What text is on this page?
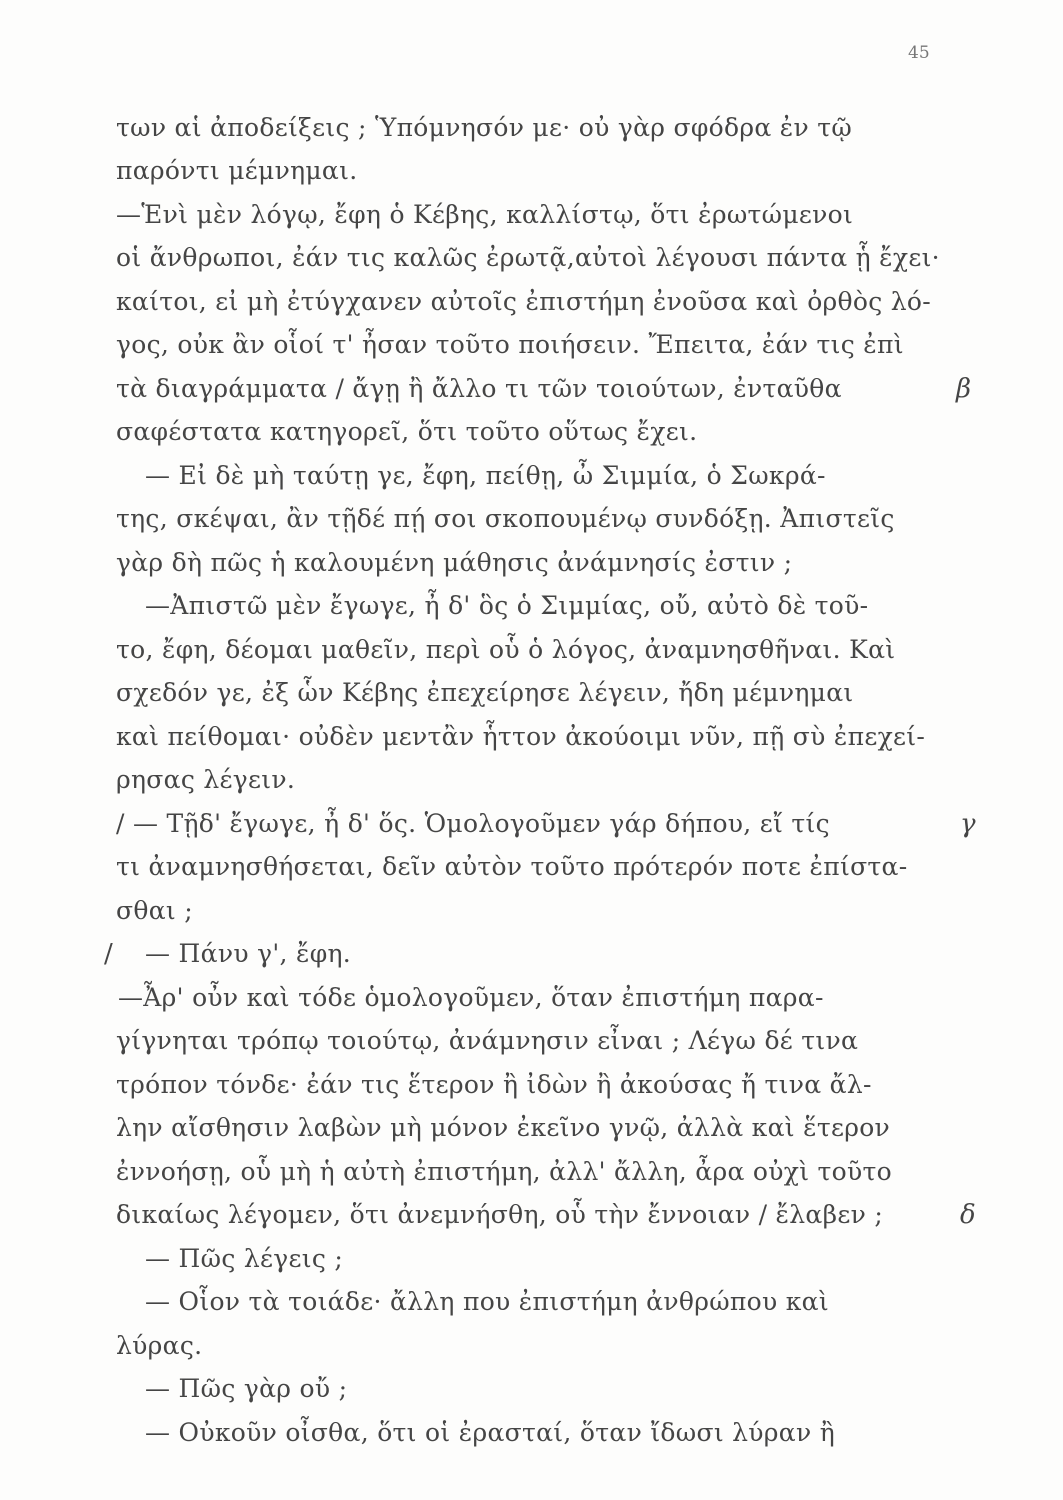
45
των αἱ ἀποδείξεις ; Ὑπόμνησόν με· οὐ γὰρ σφόδρα ἐν τῷ
παρόντι μέμνημαι.
—Ἑνὶ μὲν λόγῳ, ἔφη ὁ Κέβης, καλλίστῳ, ὅτι ἐρωτώμενοι
οἱ ἄνθρωποι, ἐάν τις καλῶς ἐρωτᾷ,αὐτοὶ λέγουσι πάντα ᾗ ἔχει·
καίτοι, εἰ μὴ ἐτύγχανεν αὐτοῖς ἐπιστήμη ἐνοῦσα καὶ ὀρθὸς λό-
γος, οὐκ ἂν οἷοί τ' ἦσαν τοῦτο ποιήσειν. Ἔπειτα, ἐάν τις ἐπὶ
τὰ διαγράμματα / ἄγῃ ἢ ἄλλο τι τῶν τοιούτων, ἐνταῦθα
σαφέστατα κατηγορεῖ, ὅτι τοῦτο οὕτως ἔχει.
— Εἰ δὲ μὴ ταύτῃ γε, ἔφη, πείθῃ, ὦ Σιμμία, ὁ Σωκρά-
της, σκέψαι, ἂν τῇδέ πῄ σοι σκοπουμένῳ συνδόξῃ. Ἀπιστεῖς
γὰρ δὴ πῶς ἡ καλουμένη μάθησις ἀνάμνησίς ἐστιν ;
—Ἀπιστῶ μὲν ἔγωγε, ἦ δ' ὃς ὁ Σιμμίας, οὔ, αὐτὸ δὲ τοῦ-
το, ἔφη, δέομαι μαθεῖν, περὶ οὗ ὁ λόγος, ἀναμνησθῆναι. Καὶ
σχεδόν γε, ἐξ ὧν Κέβης ἐπεχείρησε λέγειν, ἤδη μέμνημαι
καὶ πείθομαι· οὐδὲν μεντἂν ἧττον ἀκούοιμι νῦν, πῇ σὺ ἐπεχεί-
ρησας λέγειν.
/ — Τῇδ' ἔγωγε, ἦ δ' ὅς. Ὁμολογοῦμεν γάρ δήπου, εἴ τίς
τι ἀναμνησθήσεται, δεῖν αὐτὸν τοῦτο πρότερόν ποτε ἐπίστα-
σθαι ;
— Πάνυ γ', ἔφη.
—Ἆρ' οὖν καὶ τόδε ὁμολογοῦμεν, ὅταν ἐπιστήμη παρα-
γίγνηται τρόπῳ τοιούτῳ, ἀνάμνησιν εἶναι ; Λέγω δέ τινα
τρόπον τόνδε· ἐάν τις ἕτερον ἢ ἰδὼν ἢ ἀκούσας ἤ τινα ἄλ-
λην αἴσθησιν λαβὼν μὴ μόνον ἐκεῖνο γνῷ, ἀλλὰ καὶ ἕτερον
ἐννοήσῃ, οὗ μὴ ἡ αὐτὴ ἐπιστήμη, ἀλλ' ἄλλη, ἆρα οὐχὶ τοῦτο
δικαίως λέγομεν, ὅτι ἀνεμνήσθη, οὗ τὴν ἔννοιαν / ἔλαβεν ;
— Πῶς λέγεις ;
— Οἷον τὰ τοιάδε· ἄλλη που ἐπιστήμη ἀνθρώπου καὶ
λύρας.
— Πῶς γὰρ οὔ ;
— Οὐκοῦν οἶσθα, ὅτι οἱ ἐρασταί, ὅταν ἴδωσι λύραν ἢ
β
γ
δ
/
